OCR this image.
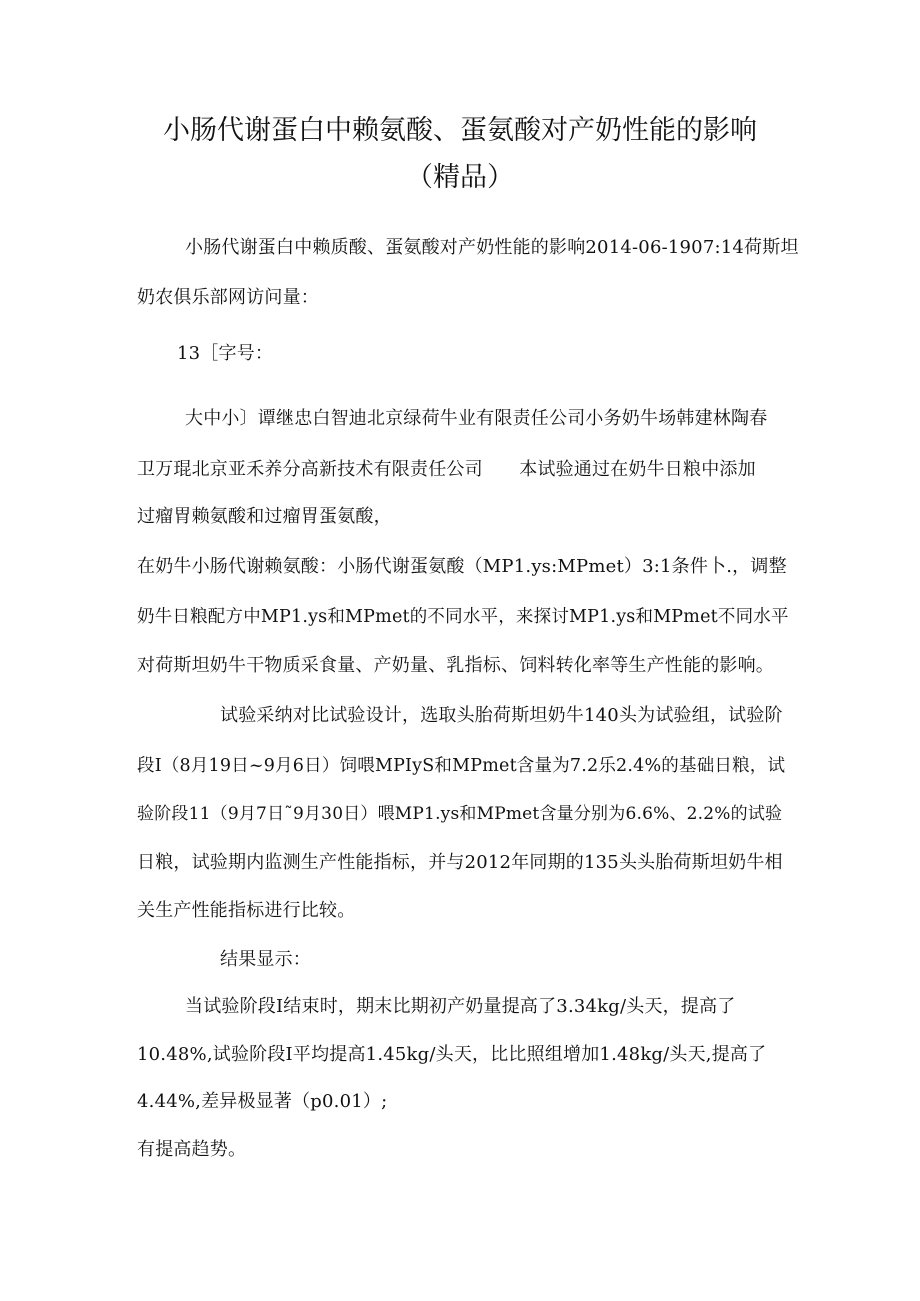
小肠代谢蛋白中赖氨酸、蛋氨酸对产奶性能的影响
（精品）
小肠代谢蛋白中赖质酸、蛋氨酸对产奶性能的影响2014-06-1907:14荷斯坦
奶农俱乐部网访问量：
13［字号：
大中小〕谭继忠白智迪北京绿荷牛业有限责任公司小务奶牛场韩建林陶春
卫万琨北京亚禾养分高新技术有限责任公司　　本试验通过在奶牛日粮中添加
过瘤胃赖氨酸和过瘤胃蛋氨酸，
在奶牛小肠代谢赖氨酸：小肠代谢蛋氨酸（MP1.ys:MPmet）3:1条件卜.，调整
奶牛日粮配方中MP1.ys和MPmet的不同水平，来探讨MP1.ys和MPmet不同水平
对荷斯坦奶牛干物质采食量、产奶量、乳指标、饲料转化率等生产性能的影响。
试验采纳对比试验设计，选取头胎荷斯坦奶牛140头为试验组，试验阶
段I（8月19日~9月6日）饲喂MPIyS和MPmet含量为7.2乐2.4%的基础日粮，试
验阶段11（9月7日˜9月30日）喂MP1.ys和MPmet含量分别为6.6%、2.2%的试验
日粮，试验期内监测生产性能指标，并与2012年同期的135头头胎荷斯坦奶牛相
关生产性能指标进行比较。
结果显示：
当试验阶段I结束时，期末比期初产奶量提高了3.34kg/头天，提高了
10.48%,试验阶段I平均提高1.45kg/头天，比比照组增加1.48kg/头天,提高了
4.44%,差异极显著（p0.01）;
有提高趋势。
